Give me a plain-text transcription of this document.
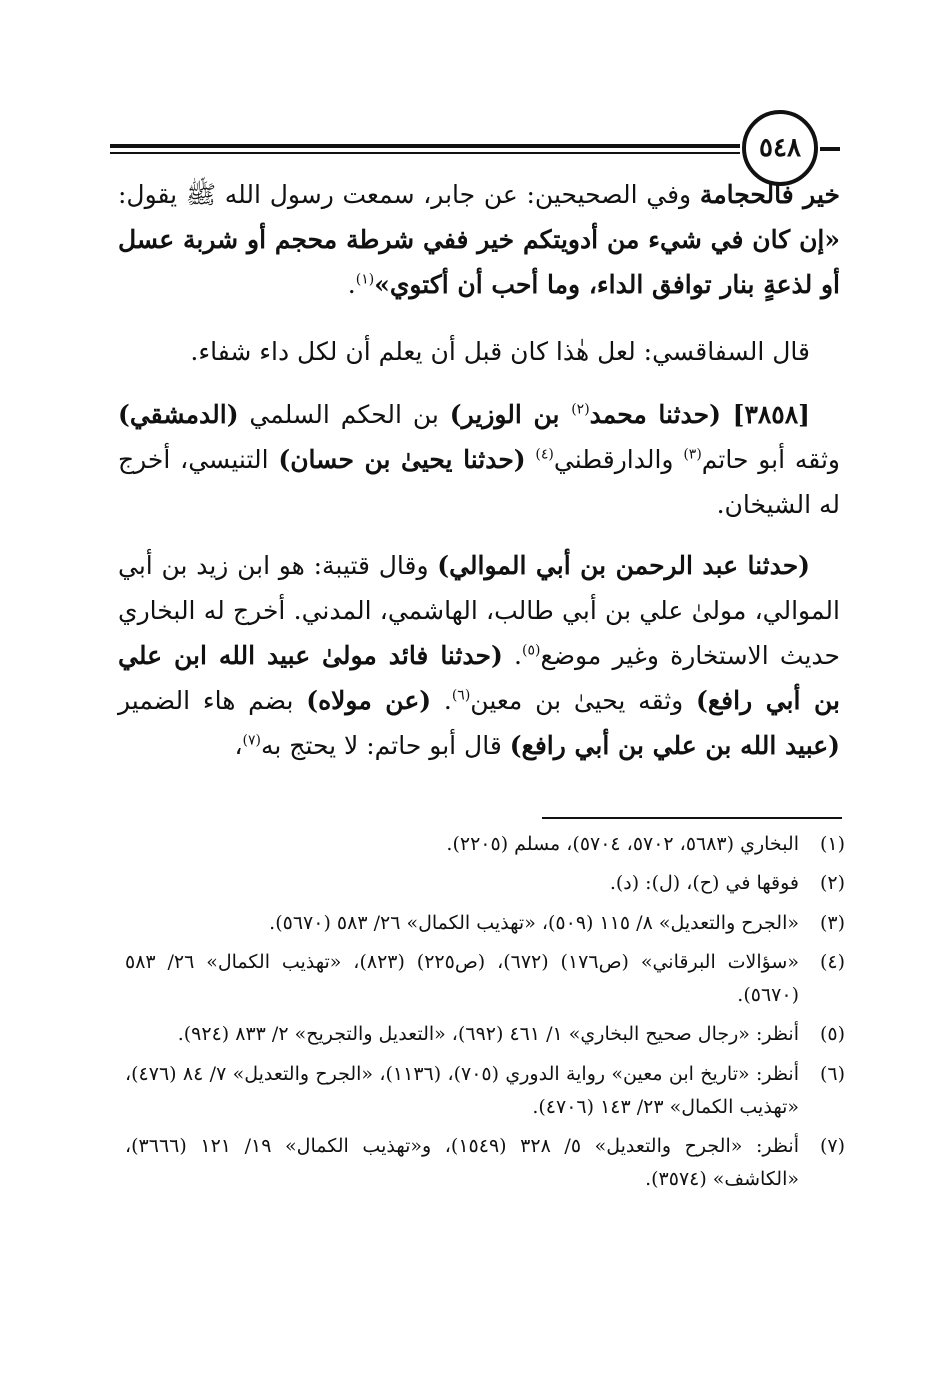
٥٤٨

خير فالحجامة وفي الصحيحين: عن جابر، سمعت رسول الله ﷺ يقول: «إن كان في شيء من أدويتكم خير ففي شرطة محجم أو شربة عسل أو لذعةٍ بنار توافق الداء، وما أحب أن أكتوي»$^{(١)}$.

قال السفاقسي: لعل هٰذا كان قبل أن يعلم أن لكل داء شفاء.

[٣٨٥٨] (حدثنا محمد$^{(٢)}$ بن الوزير) بن الحكم السلمي (الدمشقي) وثقه أبو حاتم$^{(٣)}$ والدارقطني$^{(٤)}$ (حدثنا يحيىٰ بن حسان) التنيسي، أخرج له الشيخان.

(حدثنا عبد الرحمن بن أبي الموالي) وقال قتيبة: هو ابن زيد بن أبي الموالي، مولىٰ علي بن أبي طالب، الهاشمي، المدني. أخرج له البخاري حديث الاستخارة وغير موضع$^{(٥)}$. (حدثنا فائد مولىٰ عبيد الله ابن علي بن أبي رافع) وثقه يحيىٰ بن معين$^{(٦)}$. (عن مولاه) بضم هاء الضمير (عبيد الله بن علي بن أبي رافع) قال أبو حاتم: لا يحتج به$^{(٧)}$،

(١)
البخاري (٥٦٨٣، ٥٧٠٢، ٥٧٠٤)، مسلم (٢٢٠٥).
(٢)
فوقها في (ح)، (ل): (د).
(٣)
«الجرح والتعديل» ٨/ ١١٥ (٥٠٩)، «تهذيب الكمال» ٢٦/ ٥٨٣ (٥٦٧٠).
(٤)
«سؤالات البرقاني» (ص١٧٦) (٦٧٢)، (ص٢٢٥) (٨٢٣)، «تهذيب الكمال» ٢٦/ ٥٨٣ (٥٦٧٠).
(٥)
أنظر: «رجال صحيح البخاري» ١/ ٤٦١ (٦٩٢)، «التعديل والتجريح» ٢/ ٨٣٣ (٩٢٤).
(٦)
أنظر: «تاريخ ابن معين» رواية الدوري (٧٠٥)، (١١٣٦)، «الجرح والتعديل» ٧/ ٨٤ (٤٧٦)، «تهذيب الكمال» ٢٣/ ١٤٣ (٤٧٠٦).
(٧)
أنظر: «الجرح والتعديل» ٥/ ٣٢٨ (١٥٤٩)، و«تهذيب الكمال» ١٩/ ١٢١ (٣٦٦٦)، «الكاشف» (٣٥٧٤).
